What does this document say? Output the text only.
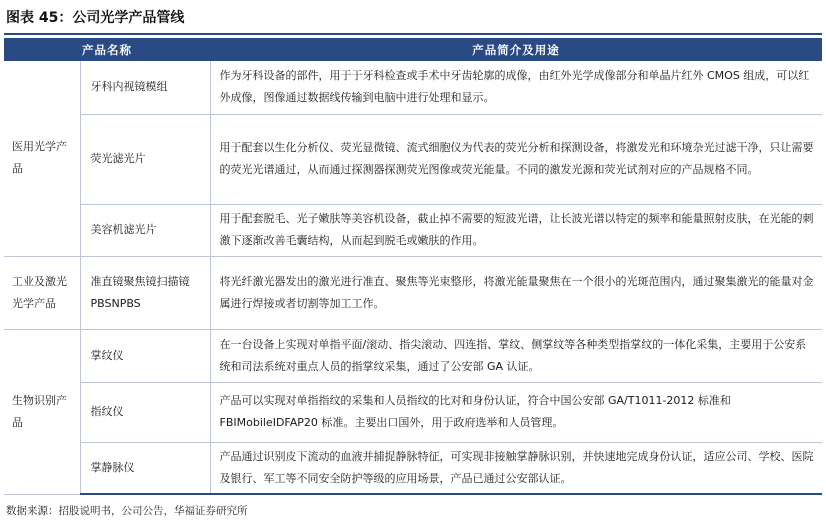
图表 45：公司光学产品管线
产品名称		产品简介及用途
医用光学产品	牙科内视镜模组	作为牙科设备的部件，用于于牙科检查或手术中牙齿轮廓的成像，由红外光学成像部分和单晶片红外 CMOS 组成，可以红外成像，图像通过数据线传输到电脑中进行处理和显示。
	荧光滤光片	用于配套以生化分析仪、荧光显微镜、流式细胞仪为代表的荧光分析和探测设备，将激发光和环境杂光过滤干净，只让需要的荧光光谱通过，从而通过探测器探测荧光图像或荧光能量。不同的激发光源和荧光试剂对应的产品规格不同。
	美容机滤光片	用于配套脱毛、光子嫩肤等美容机设备，截止掉不需要的短波光谱，让长波光谱以特定的频率和能量照射皮肤，在光能的刺激下逐渐改善毛囊结构，从而起到脱毛或嫩肤的作用。
工业及激光光学产品	准直镜聚焦镜扫描镜 PBSNPBS	将光纤激光器发出的激光进行准直、聚焦等光束整形，将激光能量聚焦在一个很小的光斑范围内，通过聚集激光的能量对金属进行焊接或者切割等加工工作。
生物识别产品	掌纹仪	在一台设备上实现对单指平面/滚动、指尖滚动、四连指、掌纹、侧掌纹等各种类型指掌纹的一体化采集，主要用于公安系统和司法系统对重点人员的指掌纹采集，通过了公安部 GA 认证。
	指纹仪	产品可以实现对单指指纹的采集和人员指纹的比对和身份认证，符合中国公安部 GA/T1011-2012 标准和 FBIMobileIDFAP20 标准。主要出口国外，用于政府选举和人员管理。
	掌静脉仪	产品通过识别皮下流动的血液并捕捉静脉特征，可实现非接触掌静脉识别，并快速地完成身份认证，适应公司、学校、医院及银行、军工等不同安全防护等级的应用场景，产品已通过公安部认证。
数据来源：招股说明书，公司公告，华福证券研究所
